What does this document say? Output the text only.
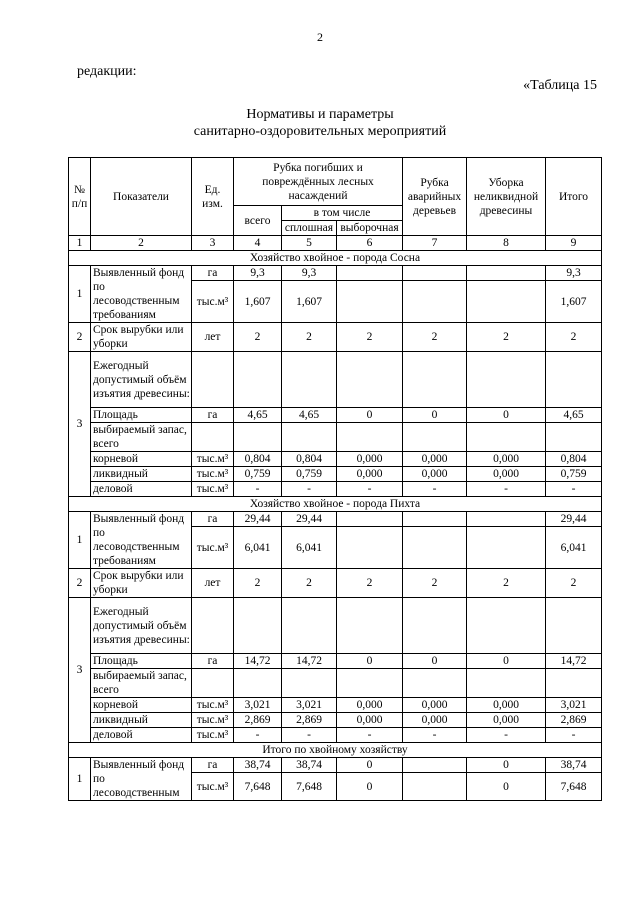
2
редакции:
«Таблица 15
Нормативы и параметры
санитарно-оздоровительных мероприятий
№ п/п	Показатели	Ед. изм.	Рубка погибших и повреждённых лесных насаждений			Рубка аварийных деревьев	Уборка неликвидной древесины	Итого
			всего	в том числе				
				сплошная	выборочная			
1	2	3	4	5	6	7	8	9
Хозяйство хвойное - порода Сосна								
1	Выявленный фонд по лесоводственным требованиям	га	9,3	9,3				9,3
		тыс.м³	1,607	1,607				1,607
2	Срок вырубки или уборки	лет	2	2	2	2	2	2
3	Ежегодный допустимый объём изъятия древесины:							
	Площадь	га	4,65	4,65	0	0	0	4,65
	выбираемый запас, всего							
	корневой	тыс.м³	0,804	0,804	0,000	0,000	0,000	0,804
	ликвидный	тыс.м³	0,759	0,759	0,000	0,000	0,000	0,759
	деловой	тыс.м³	-	-	-	-	-	-
Хозяйство хвойное - порода Пихта								
1	Выявленный фонд по лесоводственным требованиям	га	29,44	29,44				29,44
		тыс.м³	6,041	6,041				6,041
2	Срок вырубки или уборки	лет	2	2	2	2	2	2
3	Ежегодный допустимый объём изъятия древесины:							
	Площадь	га	14,72	14,72	0	0	0	14,72
	выбираемый запас, всего							
	корневой	тыс.м³	3,021	3,021	0,000	0,000	0,000	3,021
	ликвидный	тыс.м³	2,869	2,869	0,000	0,000	0,000	2,869
	деловой	тыс.м³	-	-	-	-	-	-
Итого по хвойному хозяйству								
1	Выявленный фонд по лесоводственным	га	38,74	38,74	0		0	38,74
		тыс.м³	7,648	7,648	0		0	7,648
